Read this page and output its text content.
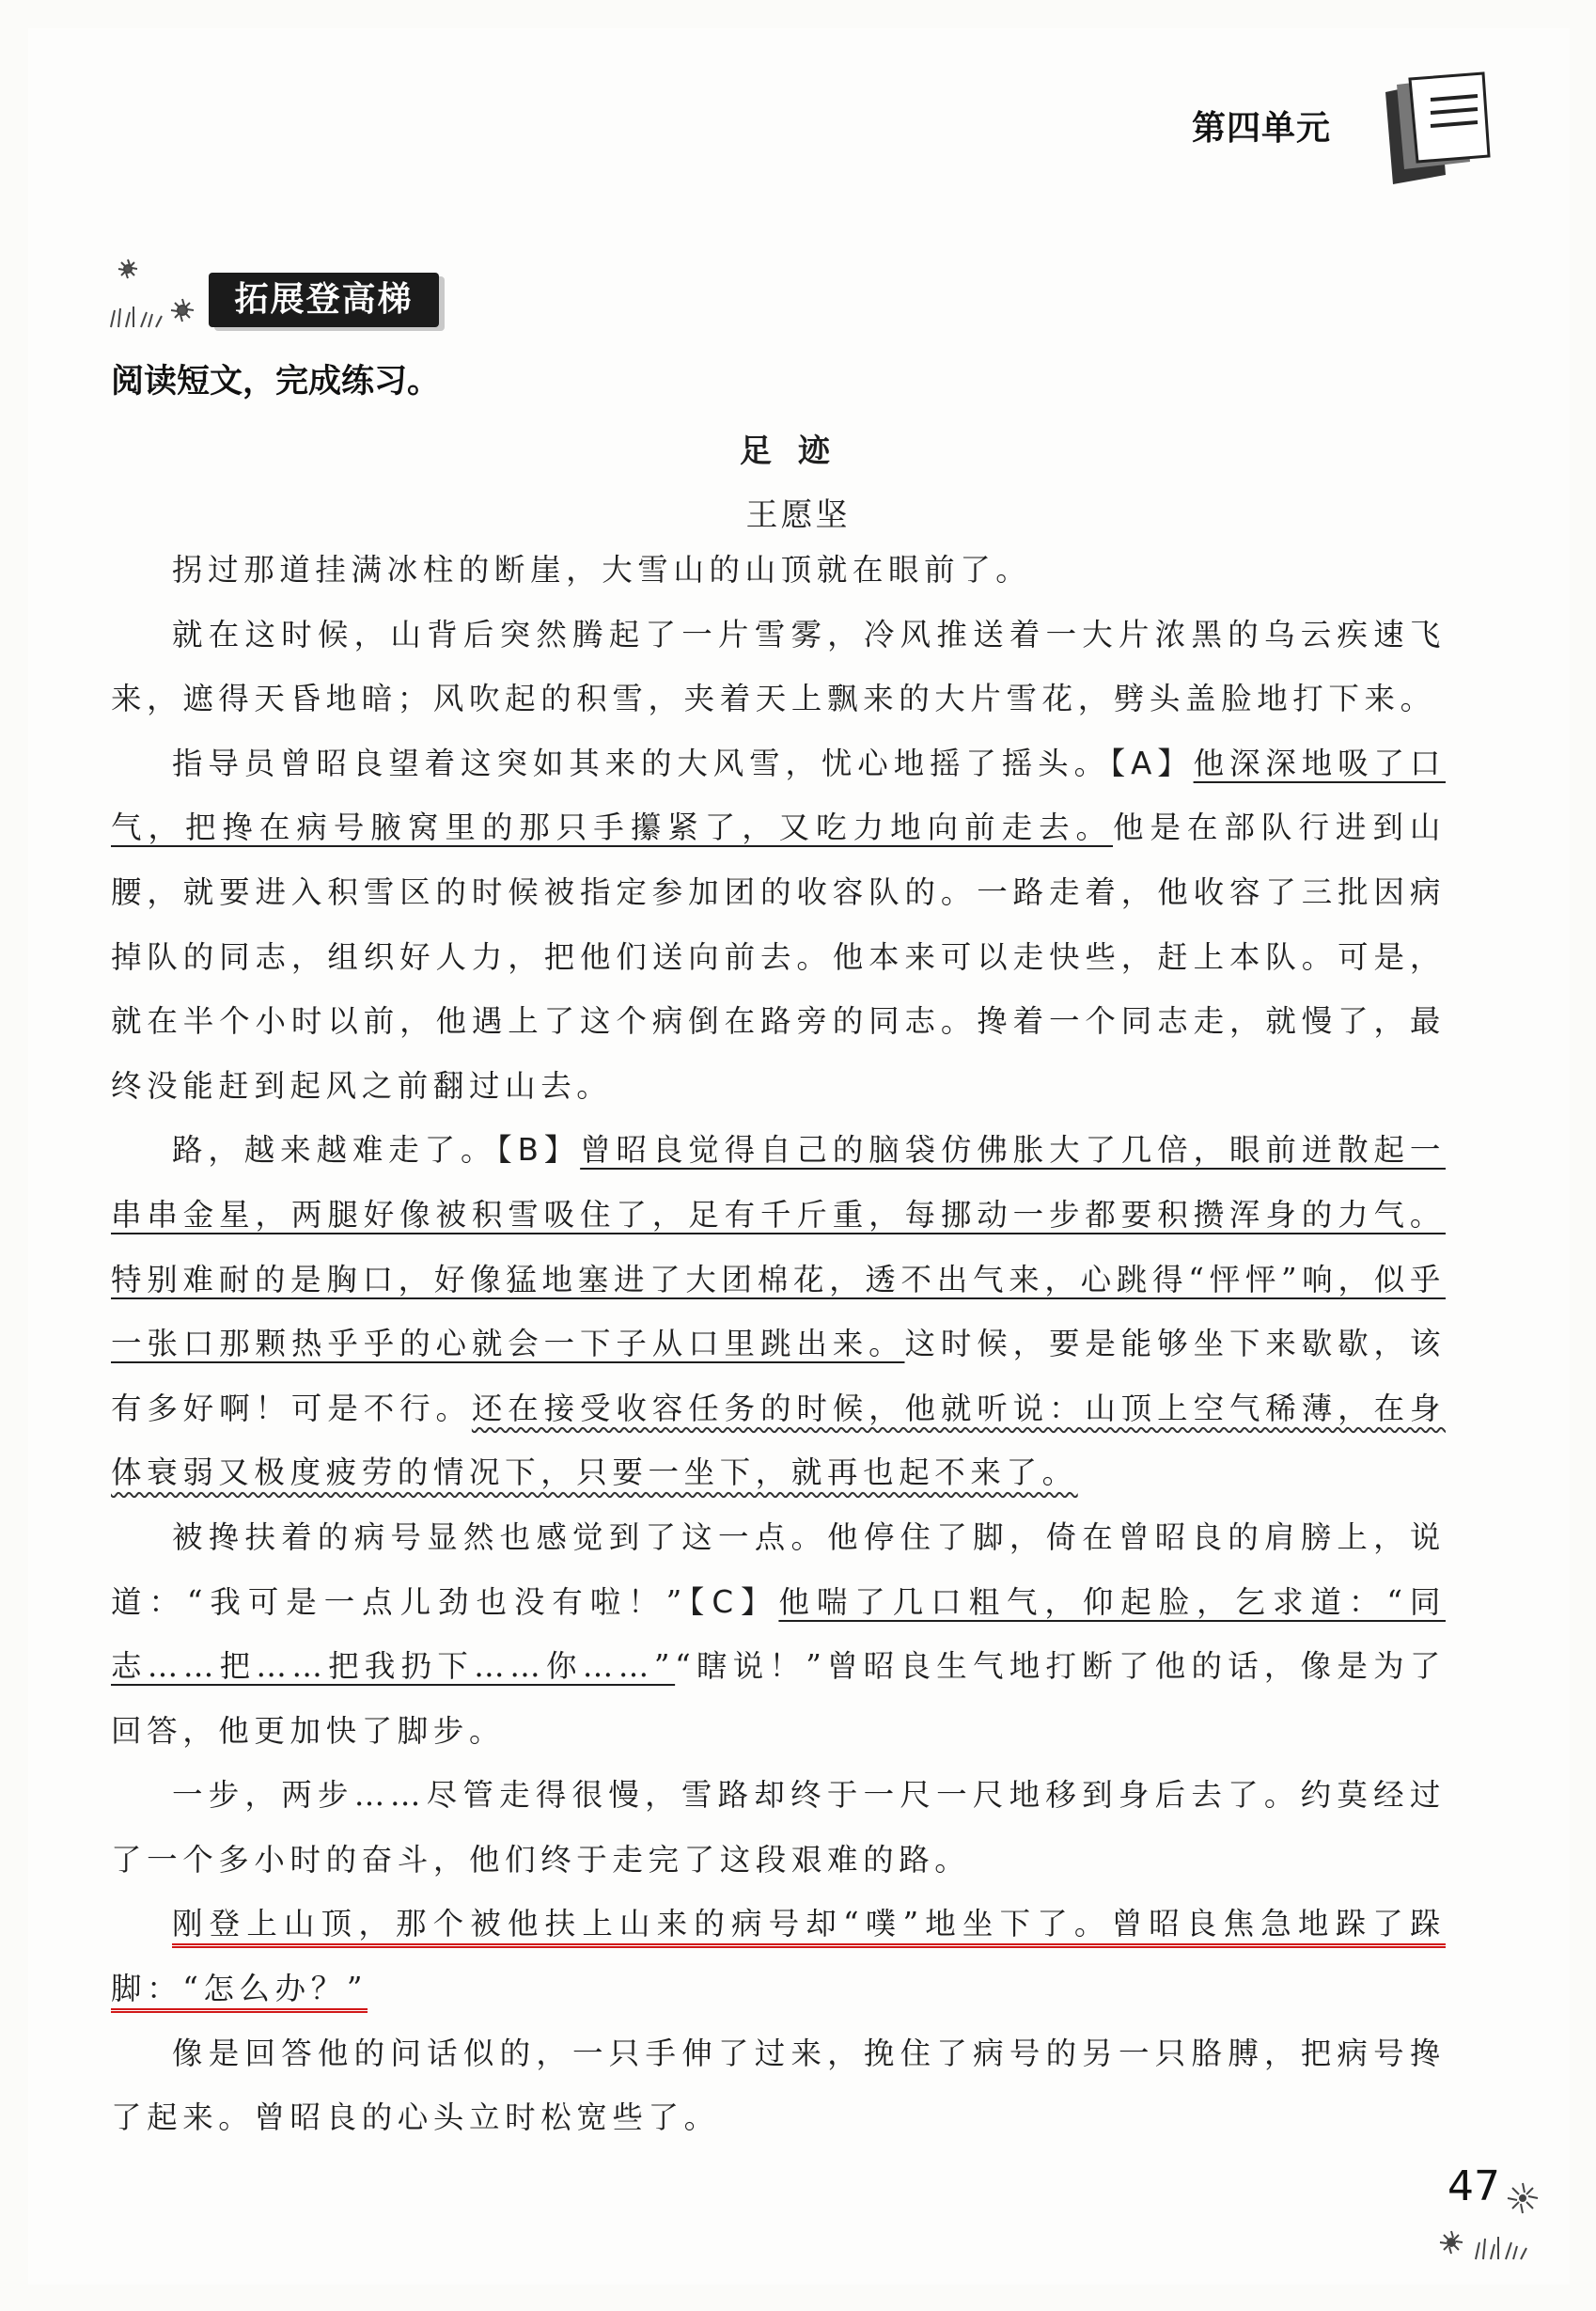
第四单元
拓展登高梯
阅读短文，完成练习。
足迹
王愿坚

拐过那道挂满冰柱的断崖，大雪山的山顶就在眼前了。

就在这时候，山背后突然腾起了一片雪雾，冷风推送着一大片浓黑的乌云疾速飞来，遮得天昏地暗；风吹起的积雪，夹着天上飘来的大片雪花，劈头盖脸地打下来。

指导员曾昭良望着这突如其来的大风雪，忧心地摇了摇头。【A】他深深地吸了口气，把搀在病号腋窝里的那只手攥紧了，又吃力地向前走去。他是在部队行进到山腰，就要进入积雪区的时候被指定参加团的收容队的。一路走着，他收容了三批因病掉队的同志，组织好人力，把他们送向前去。他本来可以走快些，赶上本队。可是，就在半个小时以前，他遇上了这个病倒在路旁的同志。搀着一个同志走，就慢了，最终没能赶到起风之前翻过山去。

路，越来越难走了。【B】曾昭良觉得自己的脑袋仿佛胀大了几倍，眼前迸散起一串串金星，两腿好像被积雪吸住了，足有千斤重，每挪动一步都要积攒浑身的力气。特别难耐的是胸口，好像猛地塞进了大团棉花，透不出气来，心跳得“怦怦”响，似乎一张口那颗热乎乎的心就会一下子从口里跳出来。这时候，要是能够坐下来歇歇，该有多好啊！可是不行。还在接受收容任务的时候，他就听说：山顶上空气稀薄，在身体衰弱又极度疲劳的情况下，只要一坐下，就再也起不来了。

被搀扶着的病号显然也感觉到了这一点。他停住了脚，倚在曾昭良的肩膀上，说道：“我可是一点儿劲也没有啦！”【C】他喘了几口粗气，仰起脸，乞求道：“同志……把……把我扔下……你……”“瞎说！”曾昭良生气地打断了他的话，像是为了回答，他更加快了脚步。

一步，两步……尽管走得很慢，雪路却终于一尺一尺地移到身后去了。约莫经过了一个多小时的奋斗，他们终于走完了这段艰难的路。

刚登上山顶，那个被他扶上山来的病号却“噗”地坐下了。曾昭良焦急地跺了跺脚：“怎么办？”

像是回答他的问话似的，一只手伸了过来，挽住了病号的另一只胳膊，把病号搀了起来。曾昭良的心头立时松宽些了。

47
